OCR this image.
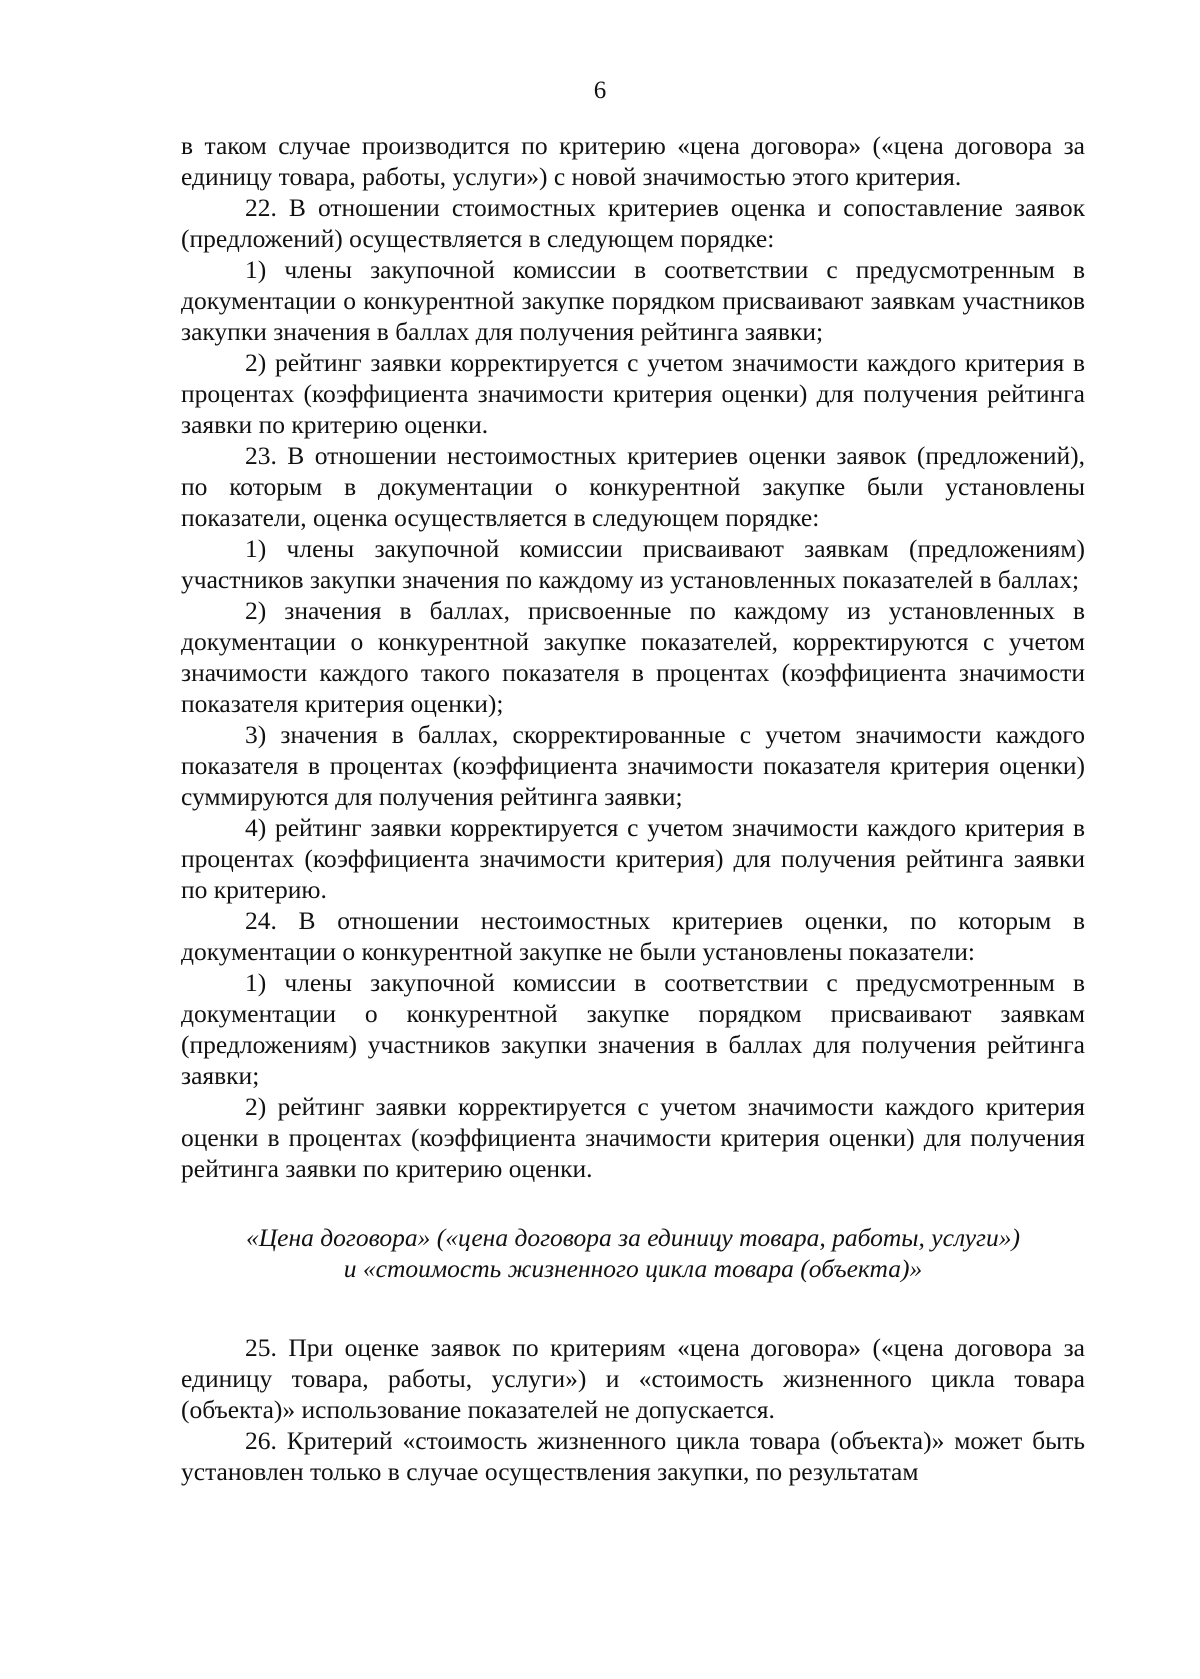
6

в таком случае производится по критерию «цена договора» («цена договора за единицу товара, работы, услуги») с новой значимостью этого критерия.

22. В отношении стоимостных критериев оценка и сопоставление заявок (предложений) осуществляется в следующем порядке:

1) члены закупочной комиссии в соответствии с предусмотренным в документации о конкурентной закупке порядком присваивают заявкам участников закупки значения в баллах для получения рейтинга заявки;

2) рейтинг заявки корректируется с учетом значимости каждого критерия в процентах (коэффициента значимости критерия оценки) для получения рейтинга заявки по критерию оценки.

23. В отношении нестоимостных критериев оценки заявок (предложений), по которым в документации о конкурентной закупке были установлены показатели, оценка осуществляется в следующем порядке:

1) члены закупочной комиссии присваивают заявкам (предложениям) участников закупки значения по каждому из установленных показателей в баллах;

2) значения в баллах, присвоенные по каждому из установленных в документации о конкурентной закупке показателей, корректируются с учетом значимости каждого такого показателя в процентах (коэффициента значимости показателя критерия оценки);

3) значения в баллах, скорректированные с учетом значимости каждого показателя в процентах (коэффициента значимости показателя критерия оценки) суммируются для получения рейтинга заявки;

4) рейтинг заявки корректируется с учетом значимости каждого критерия в процентах (коэффициента значимости критерия) для получения рейтинга заявки по критерию.

24. В отношении нестоимостных критериев оценки, по которым в документации о конкурентной закупке не были установлены показатели:

1) члены закупочной комиссии в соответствии с предусмотренным в документации о конкурентной закупке порядком присваивают заявкам (предложениям) участников закупки значения в баллах для получения рейтинга заявки;

2) рейтинг заявки корректируется с учетом значимости каждого критерия оценки в процентах (коэффициента значимости критерия оценки) для получения рейтинга заявки по критерию оценки.

«Цена договора» («цена договора за единицу товара, работы, услуги»)
и «стоимость жизненного цикла товара (объекта)»

25. При оценке заявок по критериям «цена договора» («цена договора за единицу товара, работы, услуги») и «стоимость жизненного цикла товара (объекта)» использование показателей не допускается.

26. Критерий «стоимость жизненного цикла товара (объекта)» может быть установлен только в случае осуществления закупки, по результатам
